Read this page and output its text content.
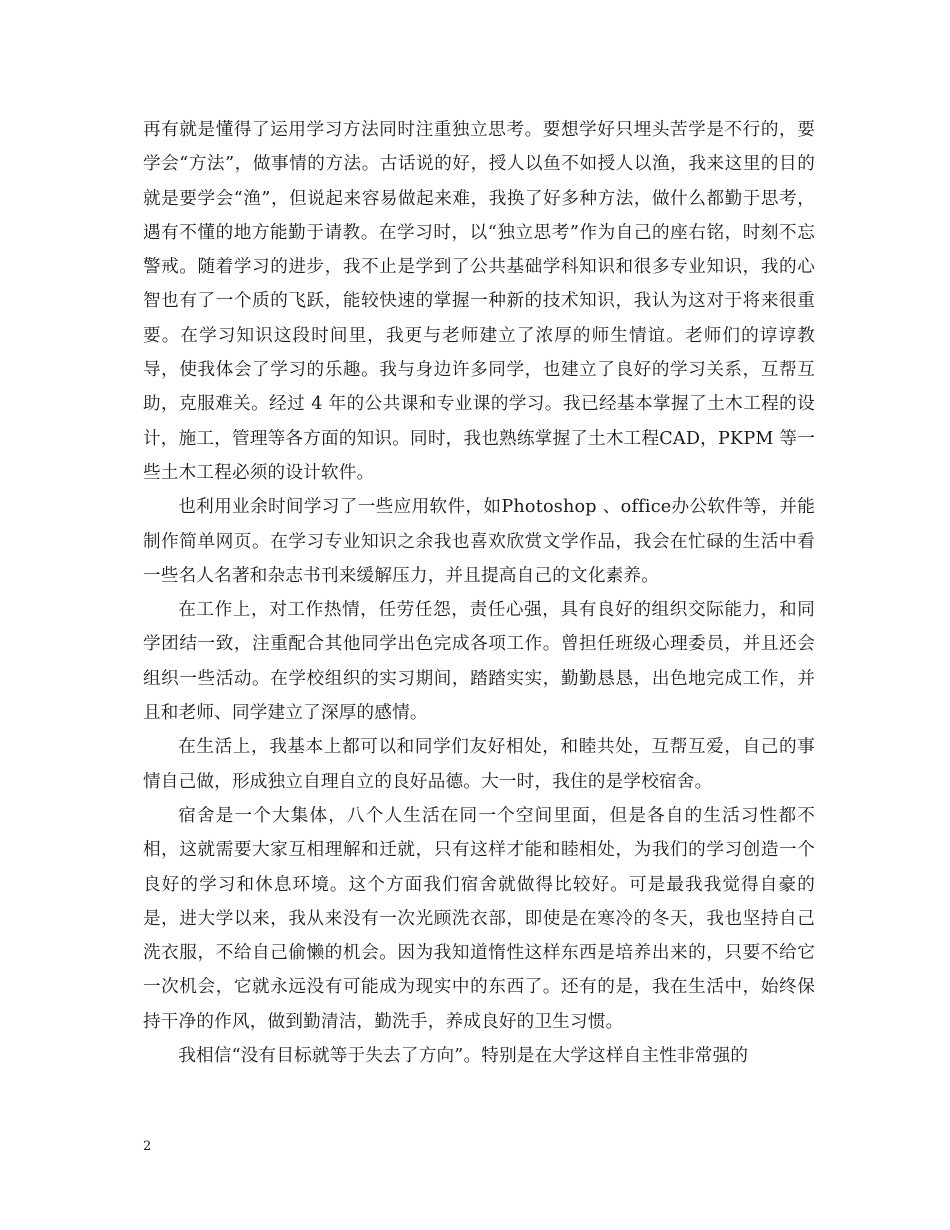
再有就是懂得了运用学习方法同时注重独立思考。要想学好只埋头苦学是不行的，要学会“方法”，做事情的方法。古话说的好，授人以鱼不如授人以渔，我来这里的目的就是要学会“渔”，但说起来容易做起来难，我换了好多种方法，做什么都勤于思考，遇有不懂的地方能勤于请教。在学习时，以“独立思考”作为自己的座右铭，时刻不忘警戒。随着学习的进步，我不止是学到了公共基础学科知识和很多专业知识，我的心智也有了一个质的飞跃，能较快速的掌握一种新的技术知识，我认为这对于将来很重要。在学习知识这段时间里，我更与老师建立了浓厚的师生情谊。老师们的谆谆教导，使我体会了学习的乐趣。我与身边许多同学，也建立了良好的学习关系，互帮互助，克服难关。经过 4 年的公共课和专业课的学习。我已经基本掌握了土木工程的设计，施工，管理等各方面的知识。同时，我也熟练掌握了土木工程CAD，PKPM 等一些土木工程必须的设计软件。

也利用业余时间学习了一些应用软件，如Photoshop 、office办公软件等，并能制作简单网页。在学习专业知识之余我也喜欢欣赏文学作品，我会在忙碌的生活中看一些名人名著和杂志书刊来缓解压力，并且提高自己的文化素养。

在工作上，对工作热情，任劳任怨，责任心强，具有良好的组织交际能力，和同学团结一致，注重配合其他同学出色完成各项工作。曾担任班级心理委员，并且还会组织一些活动。在学校组织的实习期间，踏踏实实，勤勤恳恳，出色地完成工作，并且和老师、同学建立了深厚的感情。

在生活上，我基本上都可以和同学们友好相处，和睦共处，互帮互爱，自己的事情自己做，形成独立自理自立的良好品德。大一时，我住的是学校宿舍。

宿舍是一个大集体，八个人生活在同一个空间里面，但是各自的生活习性都不相，这就需要大家互相理解和迁就，只有这样才能和睦相处，为我们的学习创造一个良好的学习和休息环境。这个方面我们宿舍就做得比较好。可是最我我觉得自豪的是，进大学以来，我从来没有一次光顾洗衣部，即使是在寒冷的冬天，我也坚持自己洗衣服，不给自己偷懒的机会。因为我知道惰性这样东西是培养出来的，只要不给它一次机会，它就永远没有可能成为现实中的东西了。还有的是，我在生活中，始终保持干净的作风，做到勤清洁，勤洗手，养成良好的卫生习惯。

我相信“没有目标就等于失去了方向”。特别是在大学这样自主性非常强的

2
